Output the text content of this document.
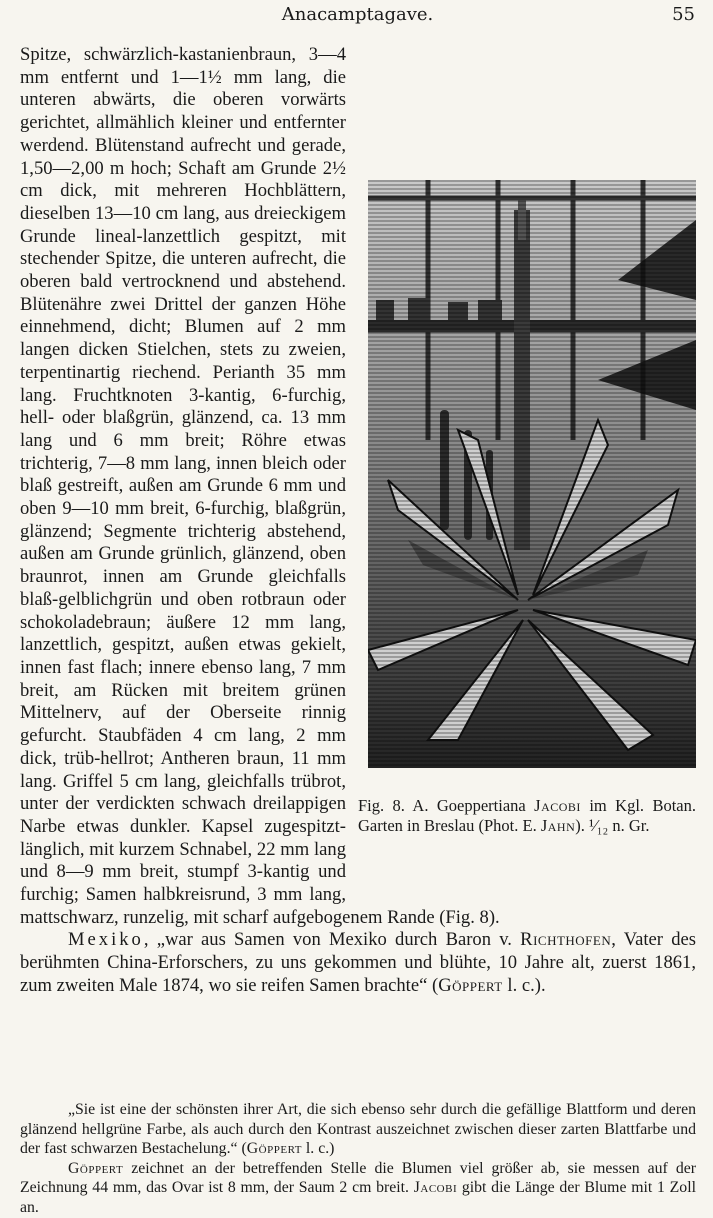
Anacamptagave.	55
Fig. 8. A. Goeppertiana Jacobi im Kgl. Botan. Garten in Breslau (Phot. E. Jahn). ¹⁄₁₂ n. Gr.

Spitze, schwärzlich-kastanienbraun, 3—4 mm entfernt und 1—1½ mm lang, die unteren abwärts, die oberen vorwärts gerichtet, allmählich kleiner und entfernter werdend. Blütenstand aufrecht und gerade, 1,50—2,00 m hoch; Schaft am Grunde 2½ cm dick, mit mehreren Hochblättern, dieselben 13—10 cm lang, aus dreieckigem Grunde lineal-lanzettlich gespitzt, mit stechender Spitze, die unteren aufrecht, die oberen bald vertrocknend und abstehend. Blütenähre zwei Drittel der ganzen Höhe einnehmend, dicht; Blumen auf 2 mm langen dicken Stielchen, stets zu zweien, terpentinartig riechend. Perianth 35 mm lang. Fruchtknoten 3-kantig, 6-furchig, hell- oder blaßgrün, glänzend, ca. 13 mm lang und 6 mm breit; Röhre etwas trichterig, 7—8 mm lang, innen bleich oder blaß gestreift, außen am Grunde 6 mm und oben 9—10 mm breit, 6-furchig, blaßgrün, glänzend; Segmente trichterig abstehend, außen am Grunde grünlich, glänzend, oben braunrot, innen am Grunde gleichfalls blaß-gelblichgrün und oben rotbraun oder schokoladebraun; äußere 12 mm lang, lanzettlich, gespitzt, außen etwas gekielt, innen fast flach; innere ebenso lang, 7 mm breit, am Rücken mit breitem grünen Mittelnerv, auf der Oberseite rinnig gefurcht. Staubfäden 4 cm lang, 2 mm dick, trüb-hellrot; Antheren braun, 11 mm lang. Griffel 5 cm lang, gleichfalls trübrot, unter der verdickten schwach dreilappigen Narbe etwas dunkler. Kapsel zugespitzt-länglich, mit kurzem Schnabel, 22 mm lang und 8—9 mm breit, stumpf 3-kantig und furchig; Samen halbkreisrund, 3 mm lang, mattschwarz, runzelig, mit scharf aufgebogenem Rande (Fig. 8).

Mexiko, „war aus Samen von Mexiko durch Baron v. Richthofen, Vater des berühmten China-Erforschers, zu uns gekommen und blühte, 10 Jahre alt, zuerst 1861, zum zweiten Male 1874, wo sie reifen Samen brachte“ (Göppert l. c.).

„Sie ist eine der schönsten ihrer Art, die sich ebenso sehr durch die gefällige Blattform und deren glänzend hellgrüne Farbe, als auch durch den Kontrast auszeichnet zwischen dieser zarten Blattfarbe und der fast schwarzen Bestachelung.“ (Göppert l. c.)

Göppert zeichnet an der betreffenden Stelle die Blumen viel größer ab, sie messen auf der Zeichnung 44 mm, das Ovar ist 8 mm, der Saum 2 cm breit. Jacobi gibt die Länge der Blume mit 1 Zoll an.
